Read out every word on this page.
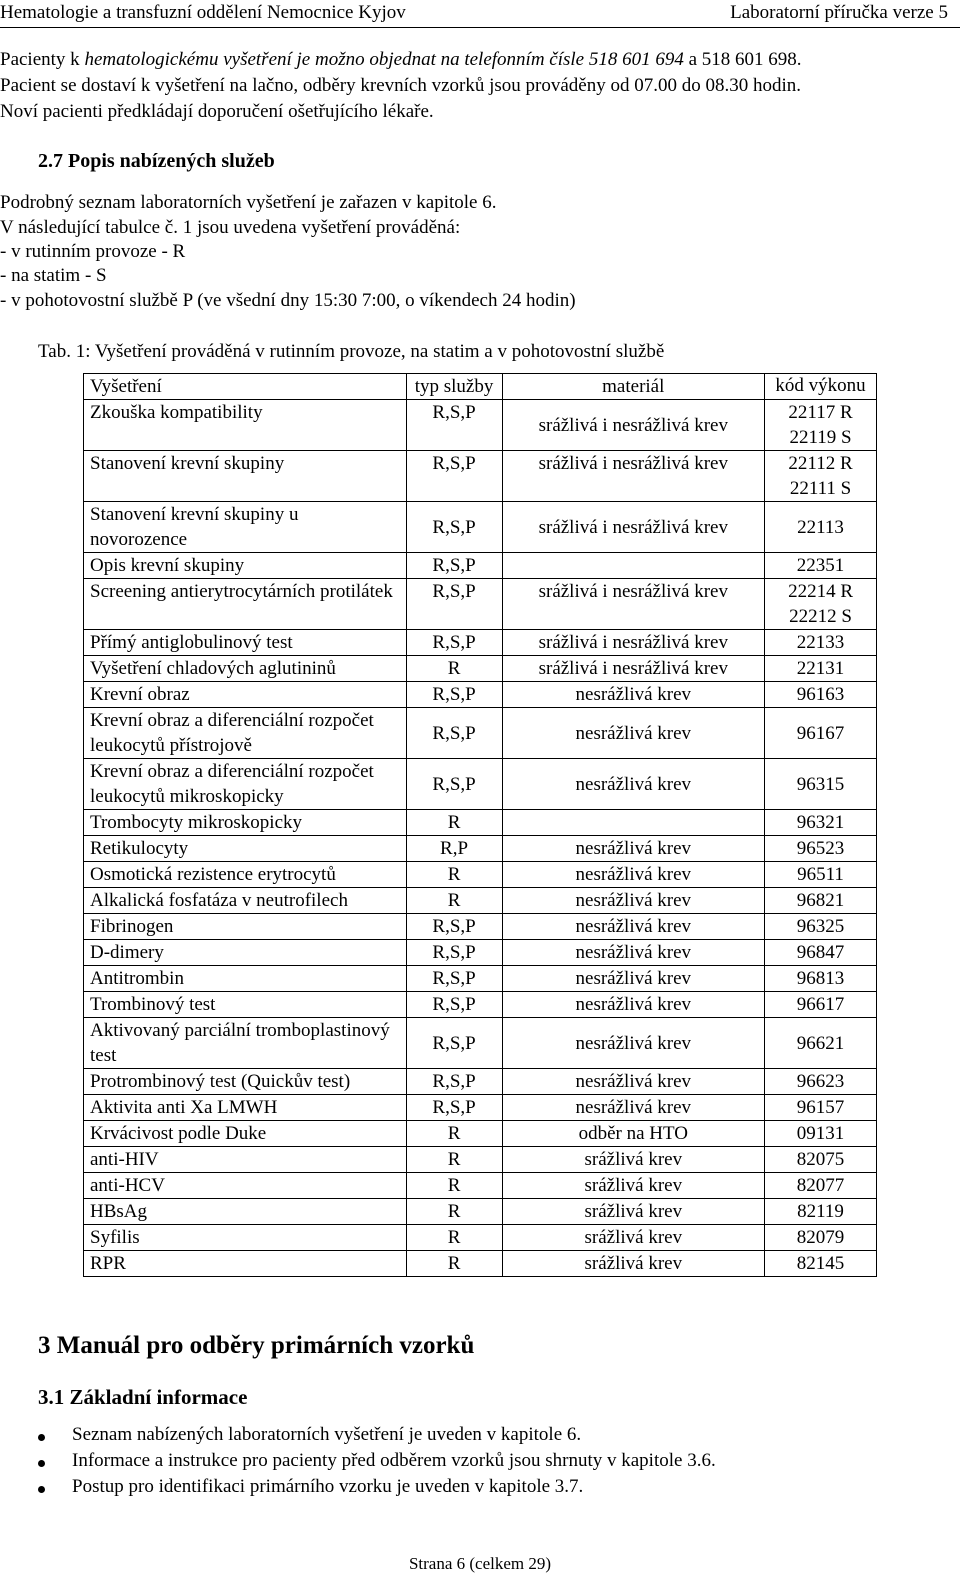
Hematologie a transfuzní oddělení Nemocnice Kyjov	Laboratorní příručka verze 5
Pacienty k hematologickému vyšetření je možno objednat na telefonním čísle 518 601 694 a 518 601 698.
Pacient se dostaví k vyšetření na lačno, odběry krevních vzorků jsou prováděny od 07.00 do 08.30 hodin.
Noví pacienti předkládají doporučení ošetřujícího lékaře.
2.7 Popis nabízených služeb
Podrobný seznam laboratorních vyšetření je zařazen v kapitole 6.
V následující tabulce č. 1 jsou uvedena vyšetření prováděná:
- v rutinním provoze - R
- na statim - S
- v pohotovostní službě P (ve všední dny 15:30 7:00, o víkendech 24 hodin)
Tab. 1: Vyšetření prováděná v rutinním provoze, na statim a v pohotovostní službě
Vyšetření	typ služby	materiál	kód výkonu
Zkouška kompatibility	R,S,P	srážlivá i nesrážlivá krev	22117 R
22119 S
Stanovení krevní skupiny	R,S,P	srážlivá i nesrážlivá krev	22112 R
22111 S
Stanovení krevní skupiny u novorozence	R,S,P	srážlivá i nesrážlivá krev	22113
Opis krevní skupiny	R,S,P		22351
Screening antierytrocytárních protilátek	R,S,P	srážlivá i nesrážlivá krev	22214 R
22212 S
Přímý antiglobulinový test	R,S,P	srážlivá i nesrážlivá krev	22133
Vyšetření chladových aglutininů	R	srážlivá i nesrážlivá krev	22131
Krevní obraz	R,S,P	nesrážlivá krev	96163
Krevní obraz a diferenciální rozpočet leukocytů přístrojově	R,S,P	nesrážlivá krev	96167
Krevní obraz a diferenciální rozpočet leukocytů mikroskopicky	R,S,P	nesrážlivá krev	96315
Trombocyty mikroskopicky	R		96321
Retikulocyty	R,P	nesrážlivá krev	96523
Osmotická rezistence erytrocytů	R	nesrážlivá krev	96511
Alkalická fosfatáza v neutrofilech	R	nesrážlivá krev	96821
Fibrinogen	R,S,P	nesrážlivá krev	96325
D-dimery	R,S,P	nesrážlivá krev	96847
Antitrombin	R,S,P	nesrážlivá krev	96813
Trombinový test	R,S,P	nesrážlivá krev	96617
Aktivovaný parciální tromboplastinový test	R,S,P	nesrážlivá krev	96621
Protrombinový test (Quickův test)	R,S,P	nesrážlivá krev	96623
Aktivita anti Xa LMWH	R,S,P	nesrážlivá krev	96157
Krvácivost podle Duke	R	odběr na HTO	09131
anti-HIV	R	srážlivá krev	82075
anti-HCV	R	srážlivá krev	82077
HBsAg	R	srážlivá krev	82119
Syfilis	R	srážlivá krev	82079
RPR	R	srážlivá krev	82145
3 Manuál pro odběry primárních vzorků
3.1 Základní informace
Seznam nabízených laboratorních vyšetření je uveden v kapitole 6.
Informace a instrukce pro pacienty před odběrem vzorků jsou shrnuty v kapitole 3.6.
Postup pro identifikaci primárního vzorku je uveden v kapitole 3.7.
Strana 6 (celkem 29)
